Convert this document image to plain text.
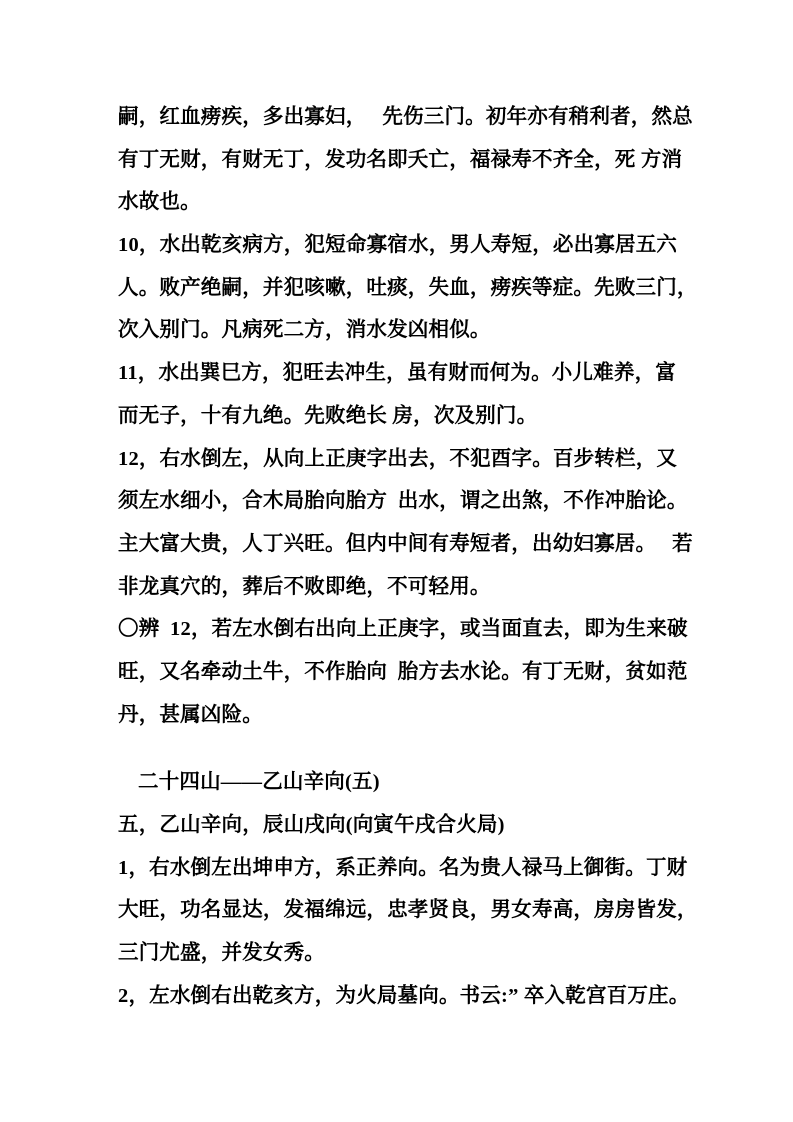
嗣，红血痨疾，多出寡妇，   先伤三门。初年亦有稍利者，然总
有丁无财，有财无丁，发功名即夭亡，福禄寿不齐全，死 方消
水故也。
10，水出乾亥病方，犯短命寡宿水，男人寿短，必出寡居五六
人。败产绝嗣，并犯咳嗽，吐痰，失血，痨疾等症。先败三门，
次入别门。凡病死二方，消水发凶相似。
11，水出巽巳方，犯旺去冲生，虽有财而何为。小儿难养，富
而无子，十有九绝。先败绝长 房，次及别门。
12，右水倒左，从向上正庚字出去，不犯酉字。百步转栏，又
须左水细小，合木局胎向胎方  出水，谓之出煞，不作冲胎论。
主大富大贵，人丁兴旺。但内中间有寿短者，出幼妇寡居。   若
非龙真穴的，葬后不败即绝，不可轻用。
〇辨  12，若左水倒右出向上正庚字，或当面直去，即为生来破
旺，又名牵动土牛，不作胎向  胎方去水论。有丁无财，贫如范
丹，甚属凶险。
二十四山——乙山辛向(五)
五，乙山辛向，辰山戌向(向寅午戌合火局)
1，右水倒左出坤申方，系正养向。名为贵人禄马上御街。丁财
大旺，功名显达，发福绵远，忠孝贤良，男女寿高，房房皆发，
三门尤盛，并发女秀。
2，左水倒右出乾亥方，为火局墓向。书云:” 卒入乾宫百万庄。
